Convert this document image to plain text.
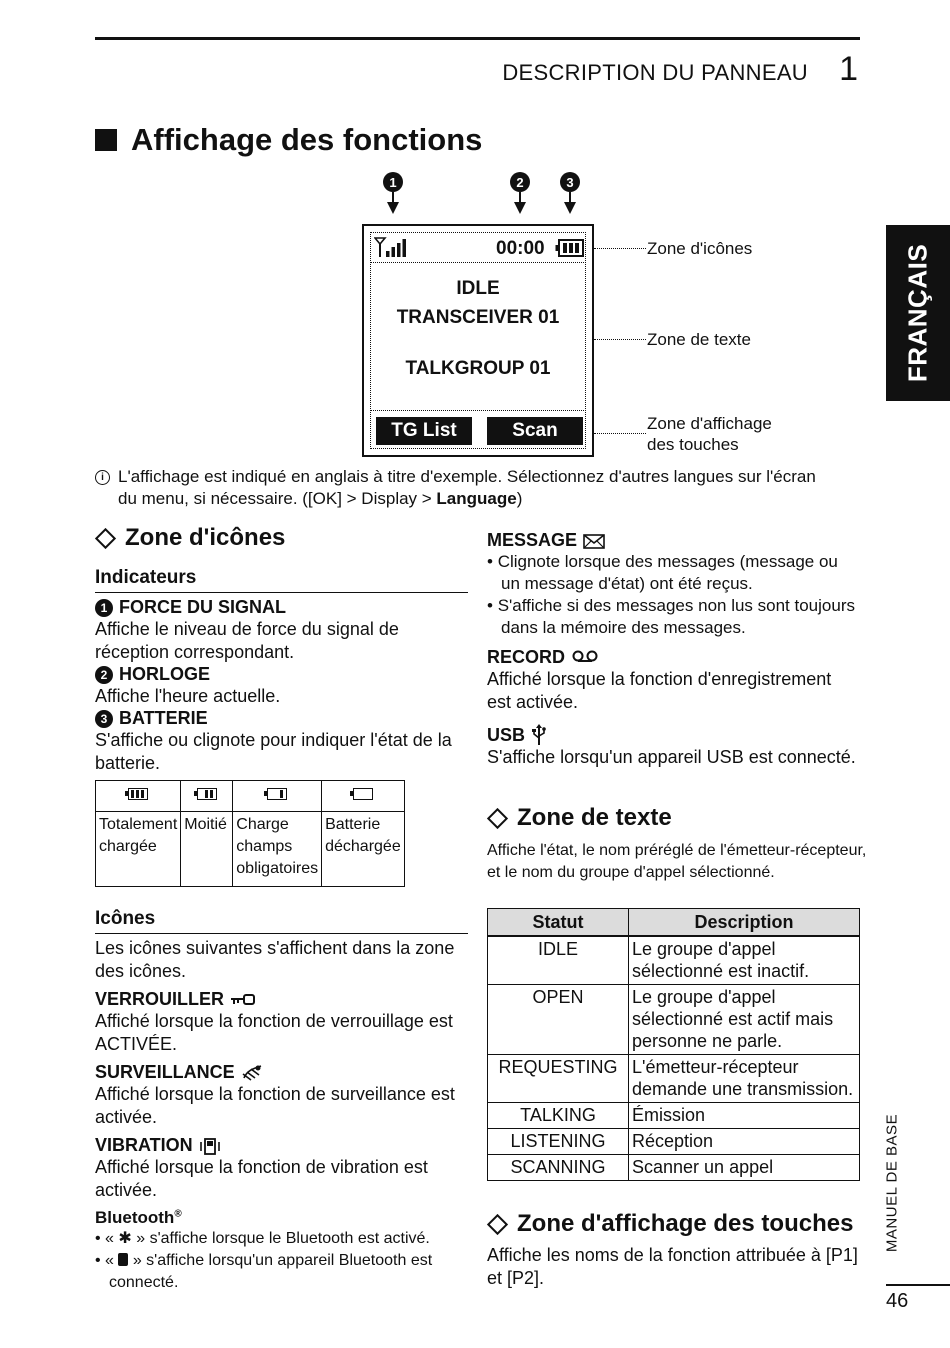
DESCRIPTION DU PANNEAU 1
Affichage des fonctions
FRANÇAIS
MANUEL DE BASE
46
1	2	3
00:00
IDLE
TRANSCEIVER 01
TALKGROUP 01
TG List	Scan
Zone d'icônes
Zone de texte
Zone d'affichage
des touches
i L'affichage est indiqué en anglais à titre d'exemple. Sélectionnez d'autres langues sur l'écran du menu, si nécessaire. ([OK] > Display > Language)
Zone d'icônes
Indicateurs
1 FORCE DU SIGNAL
Affiche le niveau de force du signal de réception correspondant.
2 HORLOGE
Affiche l'heure actuelle.
3 BATTERIE
S'affiche ou clignote pour indiquer l'état de la batterie.

Totalement chargée	Moitié	Charge champs obligatoires	Batterie déchargée
Icônes
Les icônes suivantes s'affichent dans la zone des icônes.
VERROUILLER
Affiché lorsque la fonction de verrouillage est ACTIVÉE.
SURVEILLANCE
Affiché lorsque la fonction de surveillance est activée.
VIBRATION
Affiché lorsque la fonction de vibration est activée.
Bluetooth®
• « ✱ » s'affiche lorsque le Bluetooth est activé.
• «  » s'affiche lorsqu'un appareil Bluetooth est connecté.
MESSAGE
• Clignote lorsque des messages (message ou un message d'état) ont été reçus.
• S'affiche si des messages non lus sont toujours dans la mémoire des messages.
RECORD
Affiché lorsque la fonction d'enregistrement est activée.
USB
S'affiche lorsqu'un appareil USB est connecté.
Zone de texte
Affiche l'état, le nom préréglé de l'émetteur-récepteur, et le nom du groupe d'appel sélectionné.
Statut	Description
IDLE	Le groupe d'appel sélectionné est inactif.
OPEN	Le groupe d'appel sélectionné est actif mais personne ne parle.
REQUESTING	L'émetteur-récepteur demande une transmission.
TALKING	Émission
LISTENING	Réception
SCANNING	Scanner un appel
Zone d'affichage des touches
Affiche les noms de la fonction attribuée à [P1] et [P2].
